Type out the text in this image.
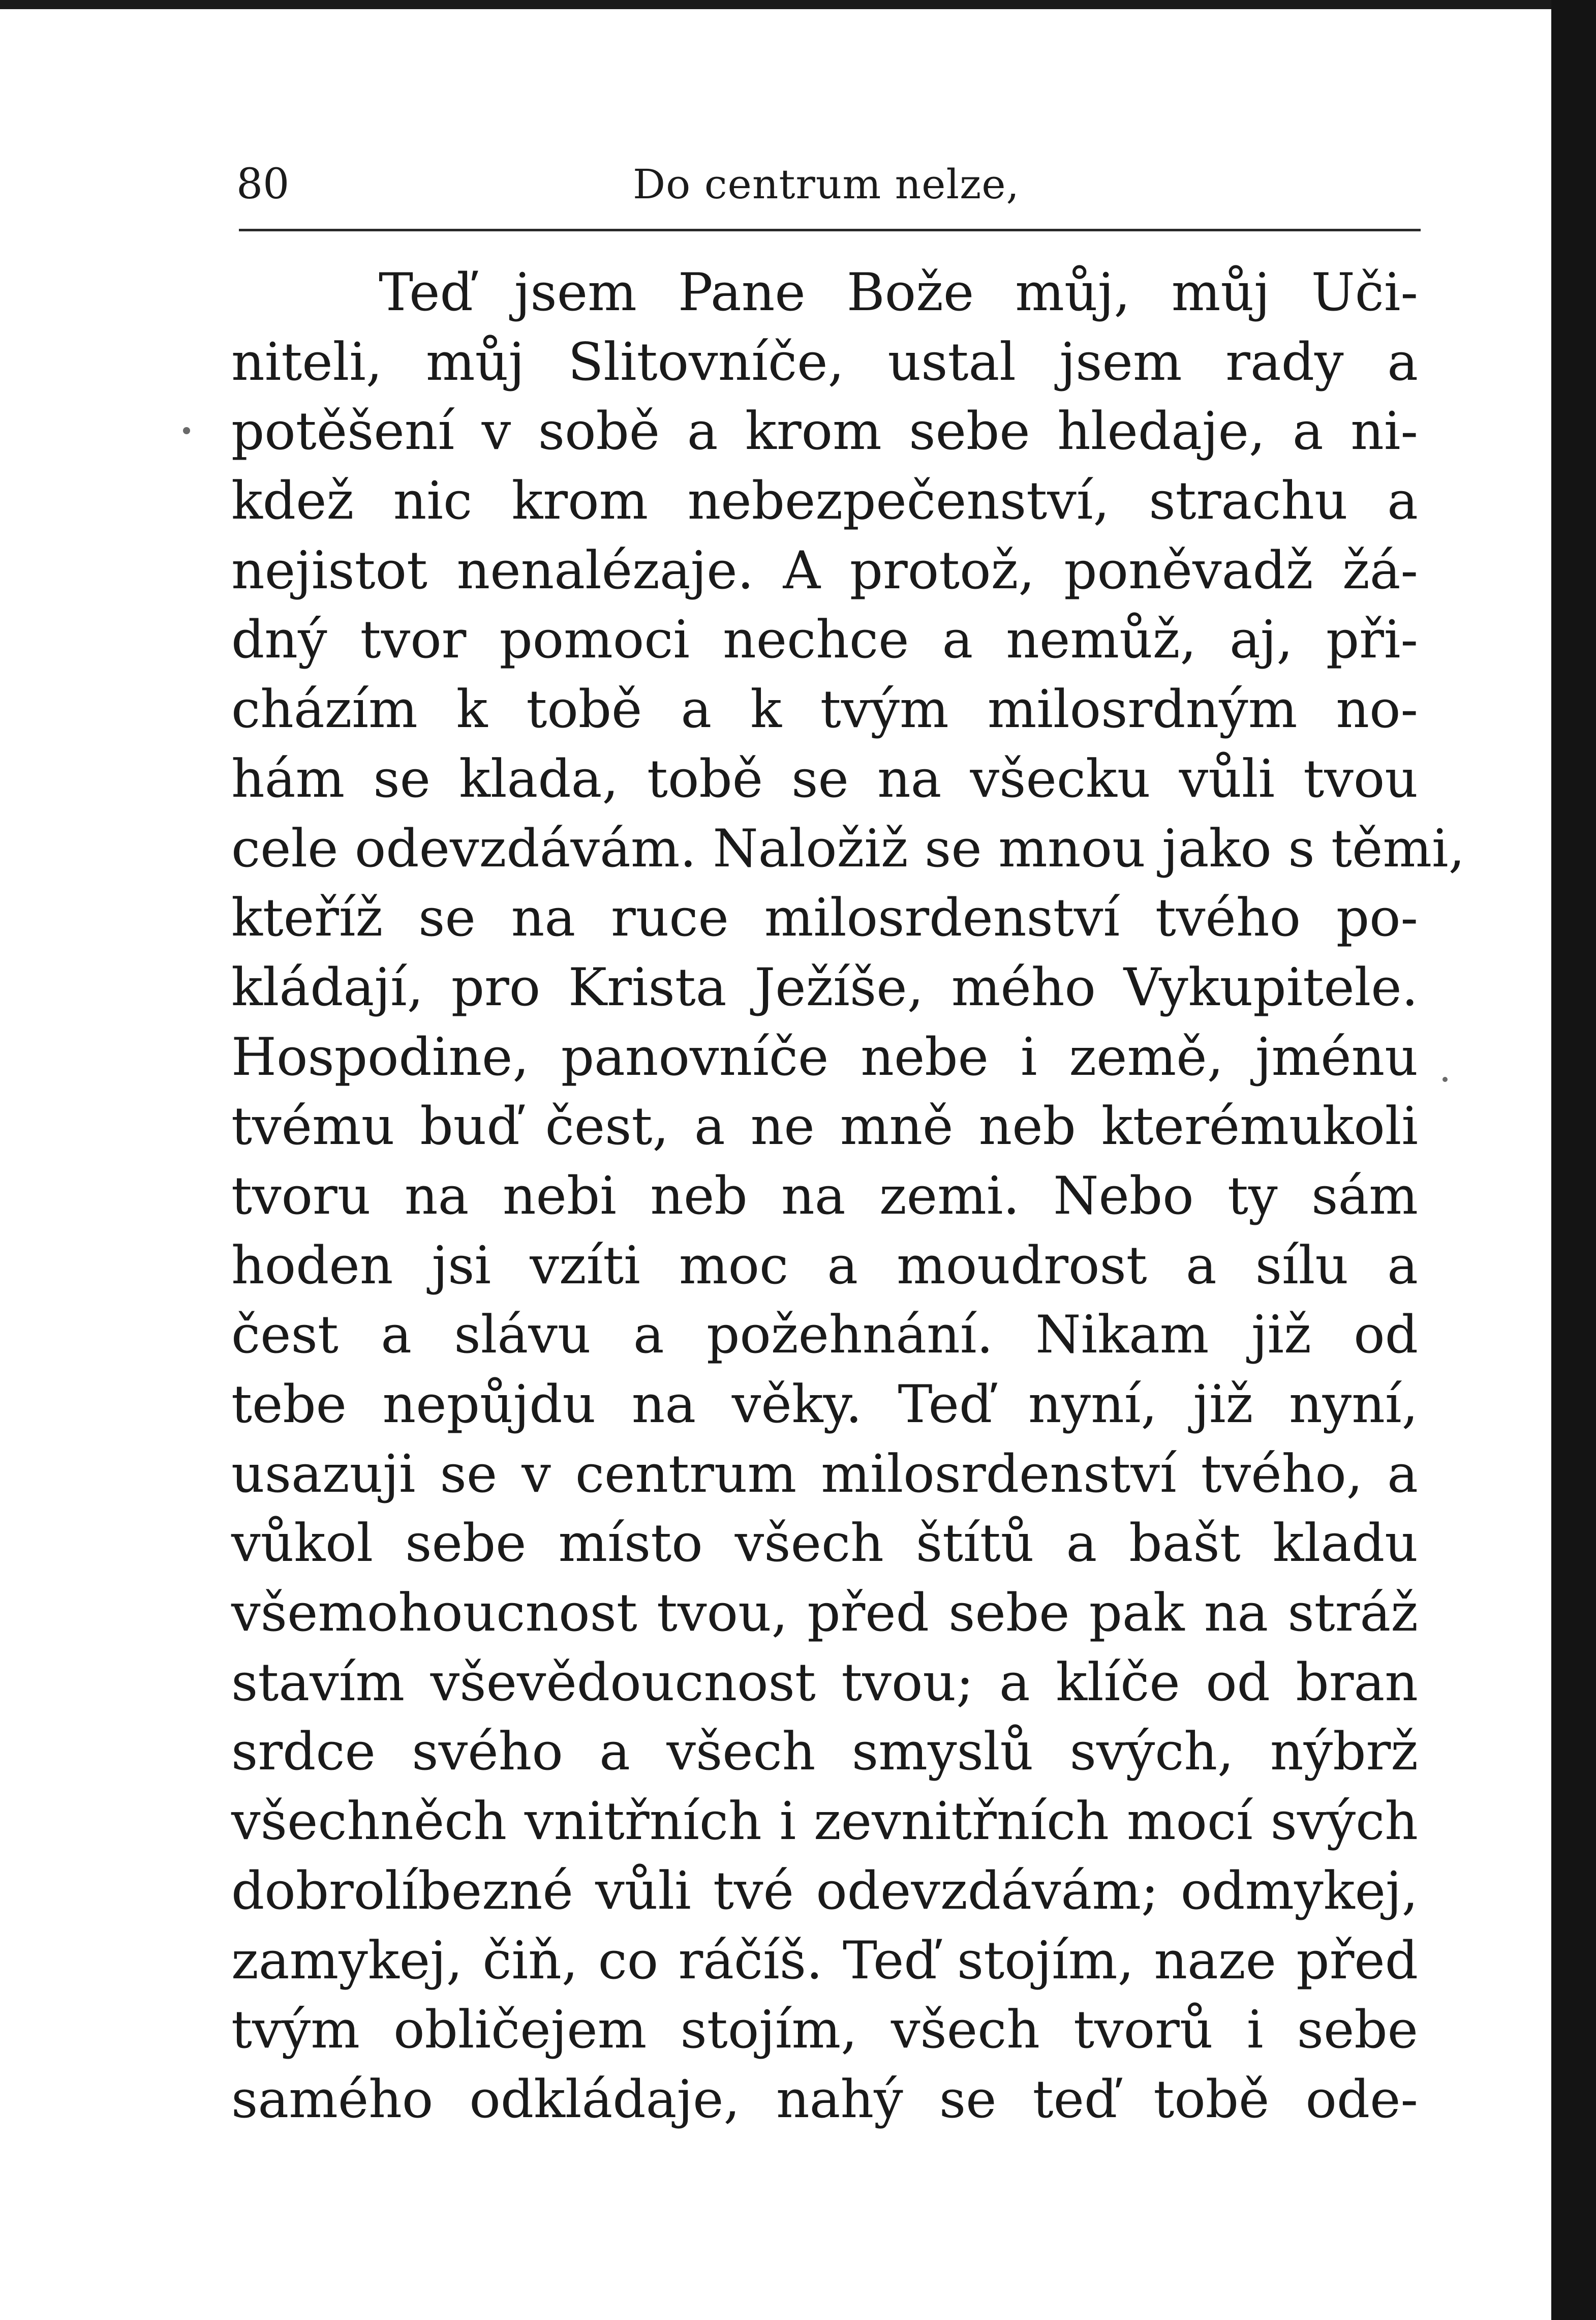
80	Do centrum nelze,
Teď jsem Pane Bože můj, můj Uči-
niteli, můj Slitovníče, ustal jsem rady a
potěšení v sobě a krom sebe hledaje, a ni-
kdež nic krom nebezpečenství, strachu a
nejistot nenalézaje. A protož, poněvadž žá-
dný tvor pomoci nechce a nemůž, aj, při-
cházím k tobě a k tvým milosrdným no-
hám se klada, tobě se na všecku vůli tvou
cele odevzdávám. Naložiž se mnou jako s těmi,
kteříž se na ruce milosrdenství tvého po-
kládají, pro Krista Ježíše, mého Vykupitele.
Hospodine, panovníče nebe i země, jménu
tvému buď čest, a ne mně neb kterémukoli
tvoru na nebi neb na zemi. Nebo ty sám
hoden jsi vzíti moc a moudrost a sílu a
čest a slávu a požehnání. Nikam již od
tebe nepůjdu na věky. Teď nyní, již nyní,
usazuji se v centrum milosrdenství tvého, a
vůkol sebe místo všech štítů a bašt kladu
všemohoucnost tvou, před sebe pak na stráž
stavím vševědoucnost tvou; a klíče od bran
srdce svého a všech smyslů svých, nýbrž
všechněch vnitřních i zevnitřních mocí svých
dobrolíbezné vůli tvé odevzdávám; odmykej,
zamykej, čiň, co ráčíš. Teď stojím, naze před
tvým obličejem stojím, všech tvorů i sebe
samého odkládaje, nahý se teď tobě ode-
